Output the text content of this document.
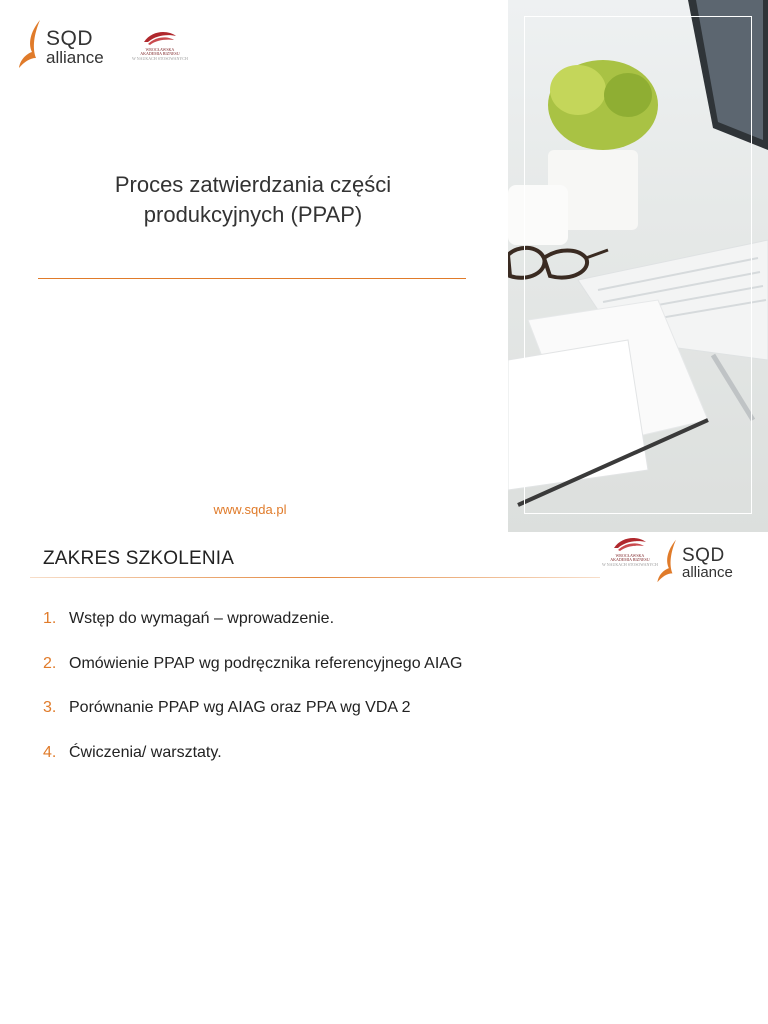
SQD
alliance	WROCŁAWSKA
AKADEMIA BIZNESU
W NAUKACH STOSOWANYCH
Proces zatwierdzania części
produkcyjnych (PPAP)
www.sqda.pl
ZAKRES SZKOLENIA	WROCŁAWSKA
AKADEMIA BIZNESU
W NAUKACH STOSOWANYCH SQD
alliance
1. Wstęp do wymagań – wprowadzenie.
2. Omówienie PPAP wg podręcznika referencyjnego AIAG
3. Porównanie PPAP wg AIAG oraz PPA wg VDA 2
4. Ćwiczenia/ warsztaty.
